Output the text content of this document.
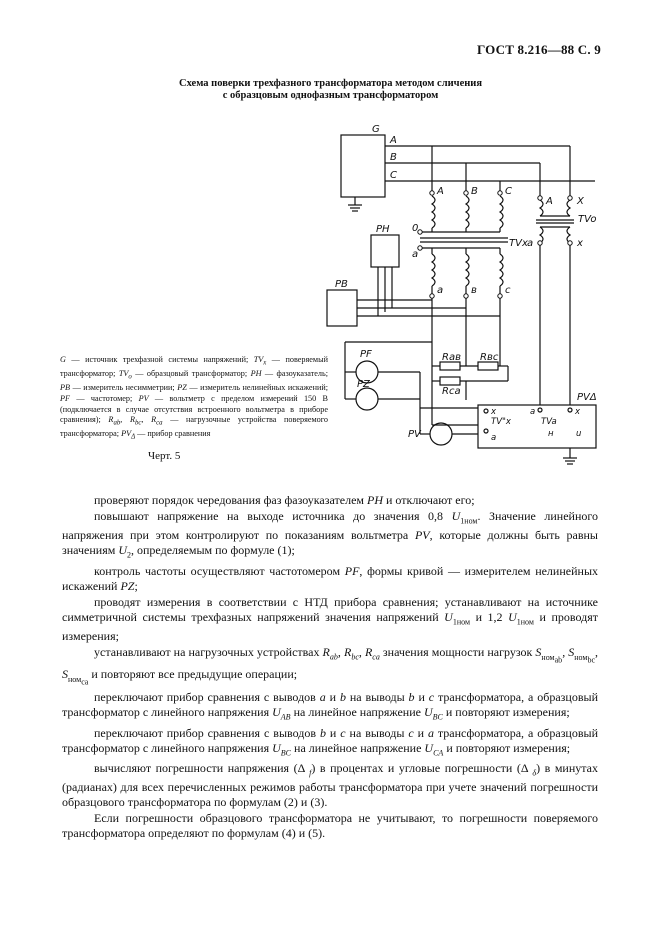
ГОСТ 8.216—88 С. 9
Схема поверки трехфазного трансформатора методом сличения
с образцовым однофазным трансформатором
G
A
B
C
A	B	C
0
a
TVx
a	в	c
PH
PB
PF
PZ
PV
Rав Rвс
Rса
A X
a	x
TVo
PVΔ
x
TV"x
a
a
TVa
x
н	u
G — источник трехфазной системы напряжений; $TV_x$ — поверяемый трансформатор; $TV_o$ — образцовый трансформатор; PH — фазоуказатель; PB — измеритель несимметрии; PZ — измеритель нелинейных искажений; PF — частотомер; PV — вольтметр с пределом измерений 150 В (подключается в случае отсутствия встроенного вольтметра в приборе сравнения); $R_{ab}$, $R_{bc}$, $R_{ca}$ — нагрузочные устройства поверяемого трансформатора; $PV_\Delta$ — прибор сравнения
Черт. 5

проверяют порядок чередования фаз фазоуказателем PH и отключают его;

повышают напряжение на выходе источника до значения 0,8 $U_{1ном}$. Значение линейного напряжения при этом контролируют по показаниям вольтметра PV, которые должны быть равны значениям $U_2$, определяемым по формуле (1);

контроль частоты осуществляют частотомером PF, формы кривой — измерителем нелинейных искажений PZ;

проводят измерения в соответствии с НТД прибора сравнения; устанавливают на источнике симметричной системы трехфазных напряжений значения напряжений $U_{1ном}$ и 1,2 $U_{1ном}$ и проводят измерения;

устанавливают на нагрузочных устройствах $R_{ab}$, $R_{bc}$, $R_{ca}$ значения мощности нагрузок $S_{ном_{ab}}$, $S_{ном_{bc}}$, $S_{ном_{ca}}$ и повторяют все предыдущие операции;

переключают прибор сравнения с выводов a и b на выводы b и c трансформатора, а образцовый трансформатор с линейного напряжения $U_{AB}$ на линейное напряжение $U_{BC}$ и повторяют измерения;

переключают прибор сравнения с выводов b и c на выводы c и a трансформатора, а образцовый трансформатор с линейного напряжения $U_{BC}$ на линейное напряжение $U_{CA}$ и повторяют измерения;

вычисляют погрешности напряжения (Δ $_f$) в процентах и угловые погрешности (Δ $_\delta$) в минутах (радианах) для всех перечисленных режимов работы трансформатора при учете значений погрешности образцового трансформатора по формулам (2) и (3).

Если погрешности образцового трансформатора не учитывают, то погрешности поверяемого трансформатора определяют по формулам (4) и (5).
